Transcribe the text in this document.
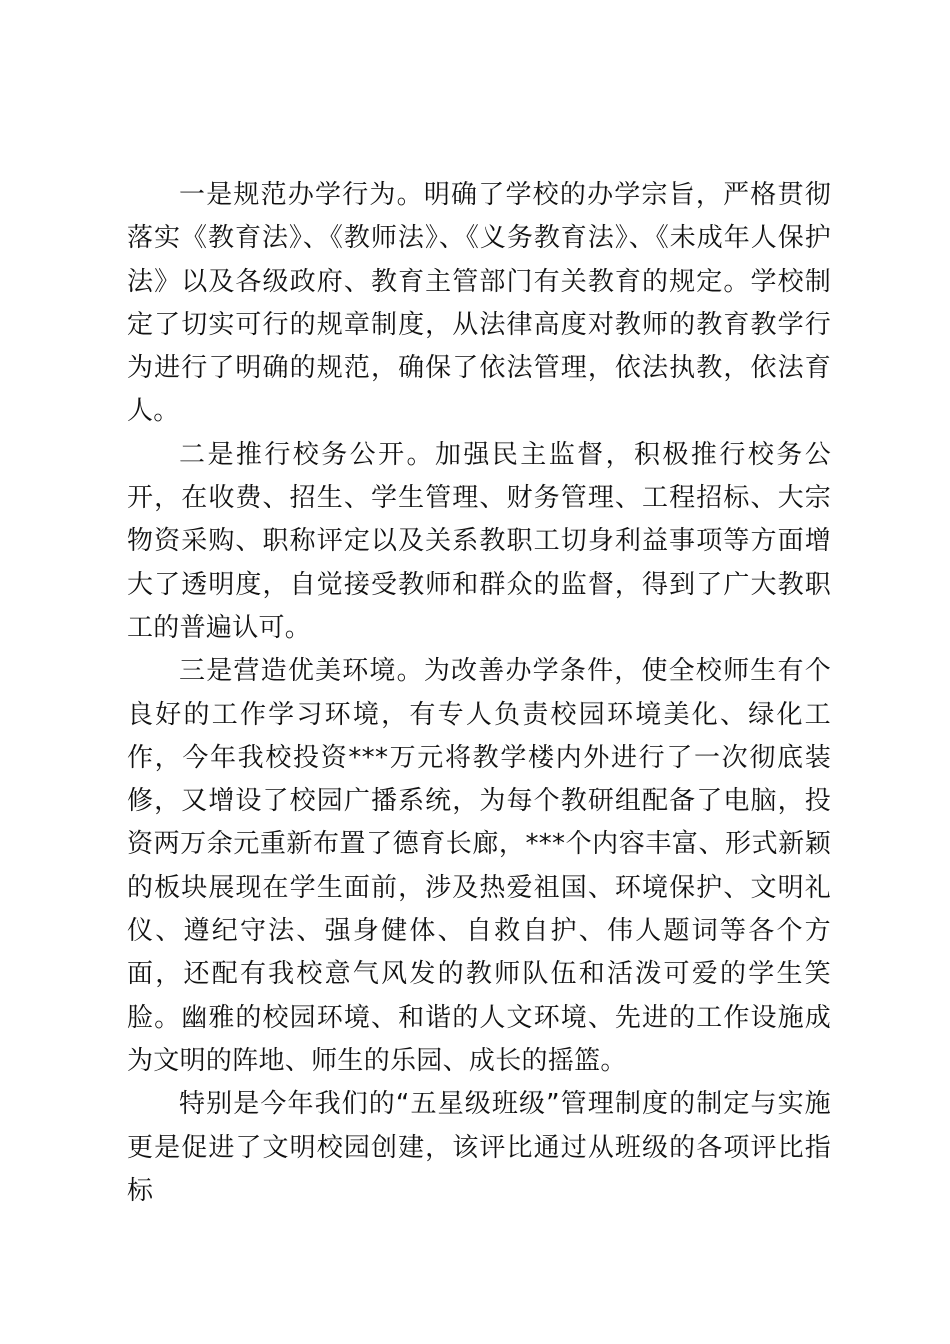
一是规范办学行为。明确了学校的办学宗旨，严格贯彻落实《教育法》、《教师法》、《义务教育法》、《未成年人保护法》以及各级政府、教育主管部门有关教育的规定。学校制定了切实可行的规章制度，从法律高度对教师的教育教学行为进行了明确的规范，确保了依法管理，依法执教，依法育人。

二是推行校务公开。加强民主监督，积极推行校务公开，在收费、招生、学生管理、财务管理、工程招标、大宗物资采购、职称评定以及关系教职工切身利益事项等方面增大了透明度，自觉接受教师和群众的监督，得到了广大教职工的普遍认可。

三是营造优美环境。为改善办学条件，使全校师生有个良好的工作学习环境，有专人负责校园环境美化、绿化工作，今年我校投资***万元将教学楼内外进行了一次彻底装修，又增设了校园广播系统，为每个教研组配备了电脑，投资两万余元重新布置了德育长廊，***个内容丰富、形式新颖的板块展现在学生面前，涉及热爱祖国、环境保护、文明礼仪、遵纪守法、强身健体、自救自护、伟人题词等各个方面，还配有我校意气风发的教师队伍和活泼可爱的学生笑脸。幽雅的校园环境、和谐的人文环境、先进的工作设施成为文明的阵地、师生的乐园、成长的摇篮。

特别是今年我们的“五星级班级”管理制度的制定与实施更是促进了文明校园创建，该评比通过从班级的各项评比指标
